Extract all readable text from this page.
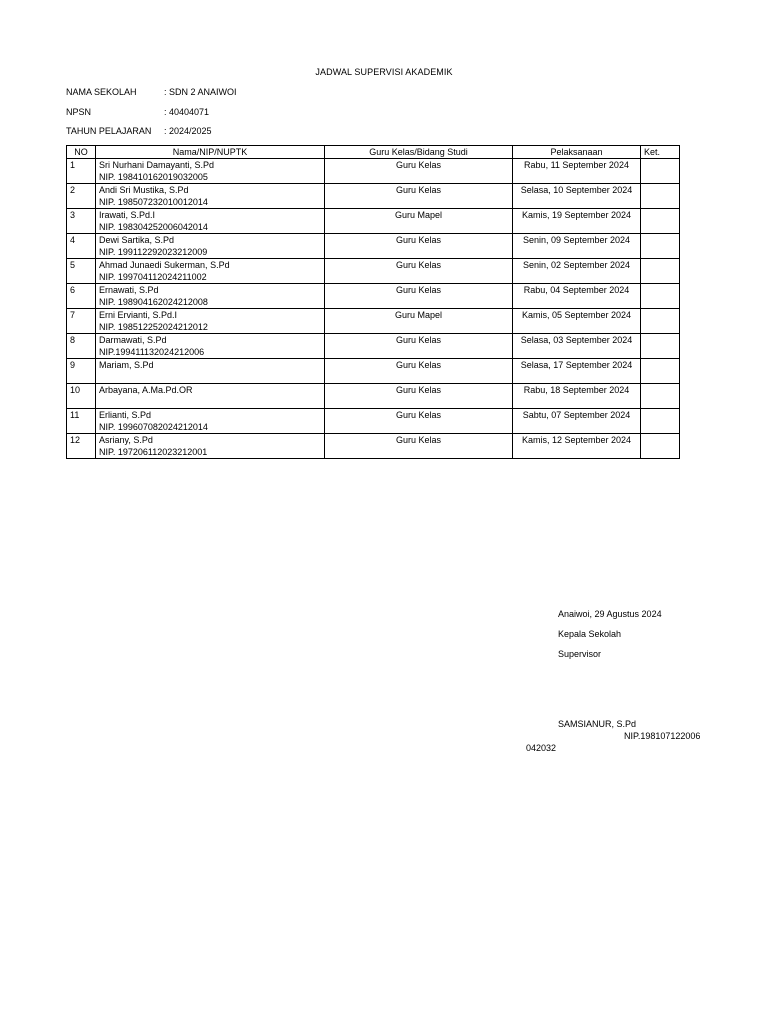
JADWAL SUPERVISI AKADEMIK
NAMA SEKOLAH	: SDN 2 ANAIWOI
NPSN	: 40404071
TAHUN PELAJARAN : 2024/2025
NO	Nama/NIP/NUPTK	Guru Kelas/Bidang Studi	Pelaksanaan	Ket.

1	Sri Nurhani Damayanti, S.Pd
NIP. 198410162019032005	Guru Kelas	Rabu, 11 September 2024	

2	Andi Sri Mustika, S.Pd
NIP. 198507232010012014	Guru Kelas	Selasa, 10 September 2024	

3	Irawati, S.Pd.I
NIP. 198304252006042014	Guru Mapel	Kamis, 19 September 2024	

4	Dewi Sartika, S.Pd
NIP. 199112292023212009	Guru Kelas	Senin, 09 September 2024	

5	Ahmad Junaedi Sukerman, S.Pd
NIP. 199704112024211002	Guru Kelas	Senin, 02 September 2024	

6	Ernawati, S.Pd
NIP. 198904162024212008	Guru Kelas	Rabu, 04 September 2024	

7	Erni Ervianti, S.Pd.I
NIP. 198512252024212012	Guru Mapel	Kamis, 05 September 2024	

8	Darmawati, S.Pd
NIP.199411132024212006	Guru Kelas	Selasa, 03 September 2024	

9	Mariam, S.Pd	Guru Kelas	Selasa, 17 September 2024	

10	Arbayana, A.Ma.Pd.OR	Guru Kelas	Rabu, 18 September 2024	

11	Erlianti, S.Pd
NIP. 199607082024212014	Guru Kelas	Sabtu, 07 September 2024	

12	Asriany, S.Pd
NIP. 197206112023212001	Guru Kelas	Kamis, 12 September 2024	

Anaiwoi, 29 Agustus 2024
Kepala Sekolah
Supervisor
SAMSIANUR, S.Pd
NIP.198107122006
042032
